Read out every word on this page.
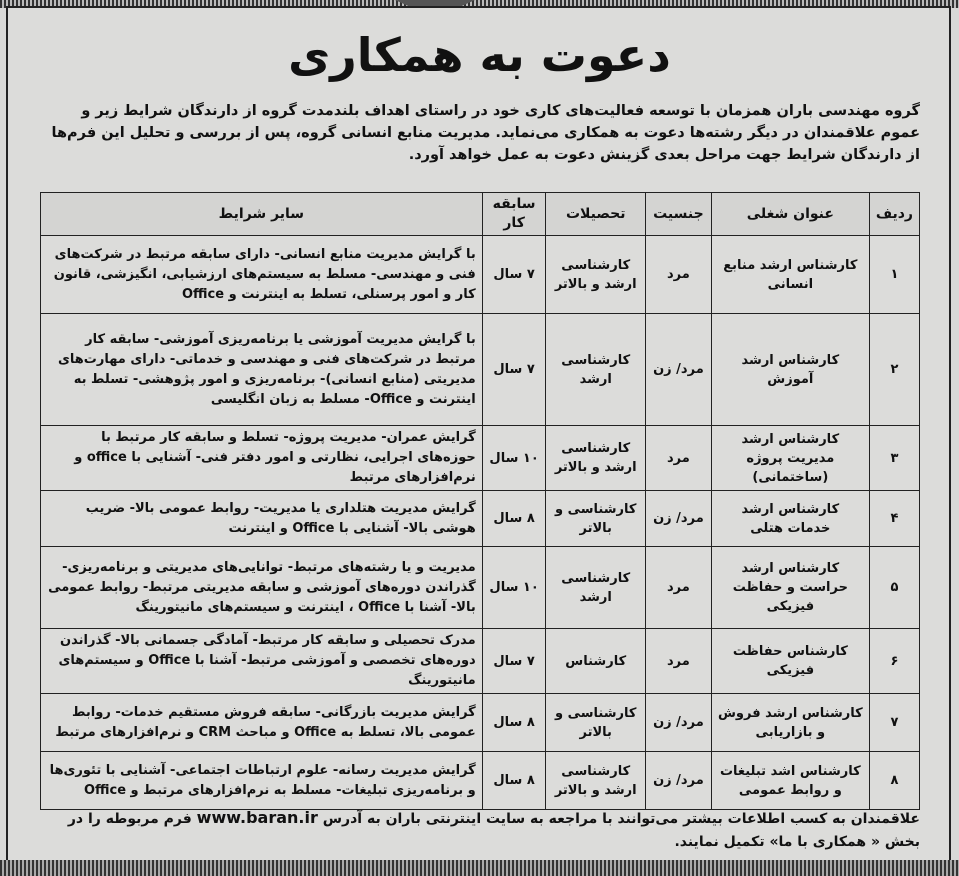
دعوت به همکاری
گروه مهندسی باران همزمان با توسعه فعالیت‌های کاری خود در راستای اهداف بلندمدت گروه از دارندگان شرایط زیر و عموم علاقمندان در دیگر رشته‌ها دعوت به همکاری می‌نماید. مدیریت منابع انسانی گروه، پس از بررسی و تحلیل این فرم‌ها از دارندگان شرایط جهت مراحل بعدی گزینش دعوت به عمل خواهد آورد.
ردیف	عنوان شغلی	جنسیت	تحصیلات	سابقه کار	سایر شرایط
۱	کارشناس ارشد منابع انسانی	مرد	کارشناسی ارشد و بالاتر	۷ سال	با گرایش مدیریت منابع انسانی- دارای سابقه مرتبط در شرکت‌های فنی و مهندسی- مسلط به سیستم‌های ارزشیابی، انگیزشی، قانون کار و امور پرسنلی، تسلط به اینترنت و Office
۲	کارشناس ارشد آموزش	مرد/ زن	کارشناسی ارشد	۷ سال	با گرایش مدیریت آموزشی یا برنامه‌ریزی آموزشی- سابقه کار مرتبط در شرکت‌های فنی و مهندسی و خدماتی- دارای مهارت‌های مدیریتی (منابع انسانی)- برنامه‌ریزی و امور پژوهشی- تسلط به اینترنت و Office- مسلط به زبان انگلیسی
۳	کارشناس ارشد مدیریت پروژه (ساختمانی)	مرد	کارشناسی ارشد و بالاتر	۱۰ سال	گرایش عمران- مدیریت پروژه- تسلط و سابقه کار مرتبط با حوزه‌های اجرایی، نظارتی و امور دفتر فنی- آشنایی با office و نرم‌افزارهای مرتبط
۴	کارشناس ارشد خدمات هتلی	مرد/ زن	کارشناسی و بالاتر	۸ سال	گرایش مدیریت هتلداری یا مدیریت- روابط عمومی بالا- ضریب هوشی بالا- آشنایی با Office و اینترنت
۵	کارشناس ارشد حراست و حفاظت فیزیکی	مرد	کارشناسی ارشد	۱۰ سال	مدیریت و یا رشته‌های مرتبط- توانایی‌های مدیریتی و برنامه‌ریزی- گذراندن دوره‌های آموزشی و سابقه مدیریتی مرتبط- روابط عمومی بالا- آشنا با Office ، اینترنت و سیستم‌های مانیتورینگ
۶	کارشناس حفاظت فیزیکی	مرد	کارشناس	۷ سال	مدرک تحصیلی و سابقه کار مرتبط- آمادگی جسمانی بالا- گذراندن دوره‌های تخصصی و آموزشی مرتبط- آشنا با Office و سیستم‌های مانیتورینگ
۷	کارشناس ارشد فروش و بازاریابی	مرد/ زن	کارشناسی و بالاتر	۸ سال	گرایش مدیریت بازرگانی- سابقه فروش مستقیم خدمات- روابط عمومی بالا، تسلط به Office و مباحث CRM و نرم‌افزارهای مرتبط
۸	کارشناس اشد تبلیغات و روابط عمومی	مرد/ زن	کارشناسی ارشد و بالاتر	۸ سال	گرایش مدیریت رسانه- علوم ارتباطات اجتماعی- آشنایی با تئوری‌ها و برنامه‌ریزی تبلیغات- مسلط به نرم‌افزارهای مرتبط و Office
علاقمندان به کسب اطلاعات بیشتر می‌توانند با مراجعه به سایت اینترنتی باران به آدرس www.baran.ir فرم مربوطه را در بخش « همکاری با ما» تکمیل نمایند.
